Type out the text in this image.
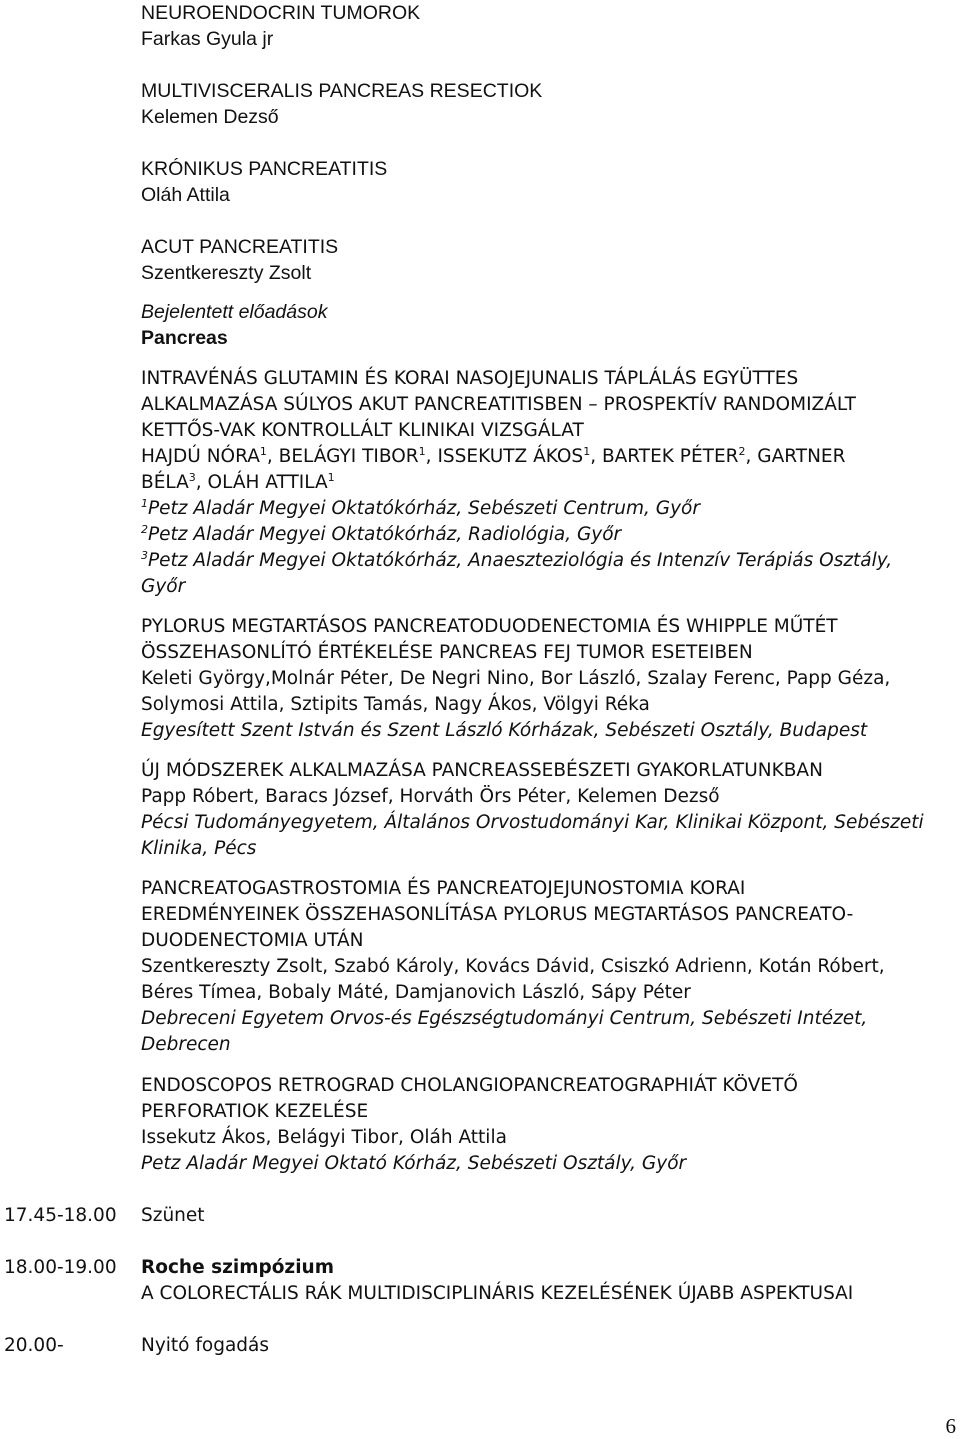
NEUROENDOCRIN TUMOROK
Farkas Gyula jr
MULTIVISCERALIS PANCREAS RESECTIOK
Kelemen Dezső
KRÓNIKUS PANCREATITIS
Oláh Attila
ACUT PANCREATITIS
Szentkereszty Zsolt
Bejelentett előadások
Pancreas
INTRAVÉNÁS GLUTAMIN ÉS KORAI NASOJEJUNALIS TÁPLÁLÁS EGYÜTTES
ALKALMAZÁSA SÚLYOS AKUT PANCREATITISBEN – PROSPEKTÍV RANDOMIZÁLT
KETTŐS-VAK KONTROLLÁLT KLINIKAI VIZSGÁLAT
HAJDÚ NÓRA$^1$, BELÁGYI TIBOR$^1$, ISSEKUTZ ÁKOS$^1$, BARTEK PÉTER$^2$, GARTNER
BÉLA$^3$, OLÁH ATTILA$^1$
$^1$Petz Aladár Megyei Oktatókórház, Sebészeti Centrum, Győr
$^2$Petz Aladár Megyei Oktatókórház, Radiológia, Győr
$^3$Petz Aladár Megyei Oktatókórház, Anaeszteziológia és Intenzív Terápiás Osztály,
Győr
PYLORUS MEGTARTÁSOS PANCREATODUODENECTOMIA ÉS WHIPPLE MŰTÉT
ÖSSZEHASONLÍTÓ ÉRTÉKELÉSE PANCREAS FEJ TUMOR ESETEIBEN
Keleti György,Molnár Péter, De Negri Nino, Bor László, Szalay Ferenc, Papp Géza,
Solymosi Attila, Sztipits Tamás, Nagy Ákos, Völgyi Réka
Egyesített Szent István és Szent László Kórházak, Sebészeti Osztály, Budapest
ÚJ MÓDSZEREK ALKALMAZÁSA PANCREASSEBÉSZETI GYAKORLATUNKBAN
Papp Róbert, Baracs József, Horváth Örs Péter, Kelemen Dezső
Pécsi Tudományegyetem, Általános Orvostudományi Kar, Klinikai Központ, Sebészeti
Klinika, Pécs
PANCREATOGASTROSTOMIA ÉS PANCREATOJEJUNOSTOMIA KORAI
EREDMÉNYEINEK ÖSSZEHASONLÍTÁSA PYLORUS MEGTARTÁSOS PANCREATO-
DUODENECTOMIA UTÁN
Szentkereszty Zsolt, Szabó Károly, Kovács Dávid, Csiszkó Adrienn, Kotán Róbert,
Béres Tímea, Bobaly Máté, Damjanovich László, Sápy Péter
Debreceni Egyetem Orvos-és Egészségtudományi Centrum, Sebészeti Intézet,
Debrecen
ENDOSCOPOS RETROGRAD CHOLANGIOPANCREATOGRAPHIÁT KÖVETŐ
PERFORATIOK KEZELÉSE
Issekutz Ákos, Belágyi Tibor, Oláh Attila
Petz Aladár Megyei Oktató Kórház, Sebészeti Osztály, Győr
17.45-18.00 Szünet
18.00-19.00 Roche szimpózium
A COLORECTÁLIS RÁK MULTIDISCIPLINÁRIS KEZELÉSÉNEK ÚJABB ASPEKTUSAI
20.00-	Nyitó fogadás
6
